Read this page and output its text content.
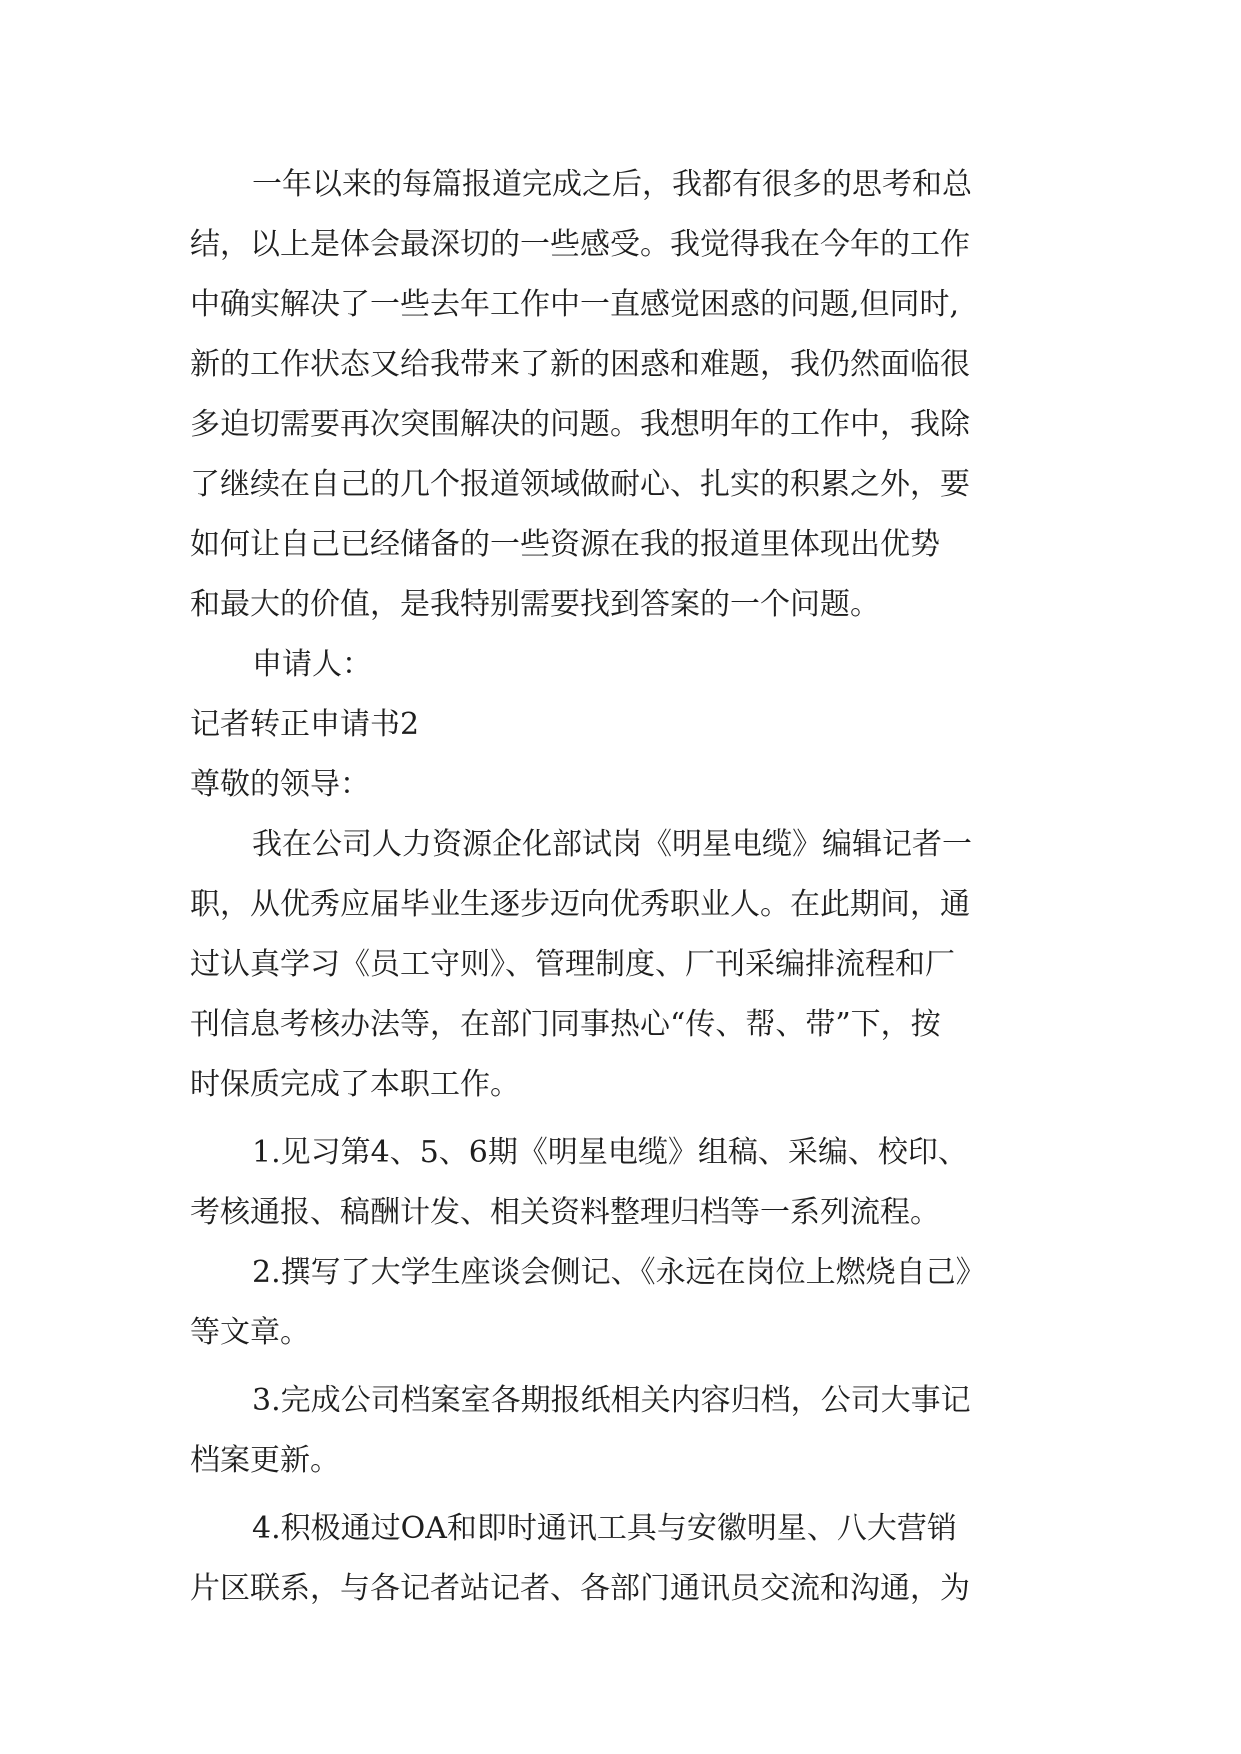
一年以来的每篇报道完成之后，我都有很多的思考和总
结，以上是体会最深切的一些感受。我觉得我在今年的工作
中确实解决了一些去年工作中一直感觉困惑的问题,但同时,
新的工作状态又给我带来了新的困惑和难题，我仍然面临很
多迫切需要再次突围解决的问题。我想明年的工作中，我除
了继续在自己的几个报道领域做耐心、扎实的积累之外，要
如何让自己已经储备的一些资源在我的报道里体现出优势
和最大的价值，是我特别需要找到答案的一个问题。
申请人：
记者转正申请书2
尊敬的领导：
我在公司人力资源企化部试岗《明星电缆》编辑记者一
职，从优秀应届毕业生逐步迈向优秀职业人。在此期间，通
过认真学习《员工守则》、管理制度、厂刊采编排流程和厂
刊信息考核办法等，在部门同事热心“传、帮、带”下，按
时保质完成了本职工作。
1.见习第4、5、6期《明星电缆》组稿、采编、校印、
考核通报、稿酬计发、相关资料整理归档等一系列流程。
2.撰写了大学生座谈会侧记、《永远在岗位上燃烧自己》
等文章。
3.完成公司档案室各期报纸相关内容归档，公司大事记
档案更新。
4.积极通过OA和即时通讯工具与安徽明星、八大营销
片区联系，与各记者站记者、各部门通讯员交流和沟通，为
